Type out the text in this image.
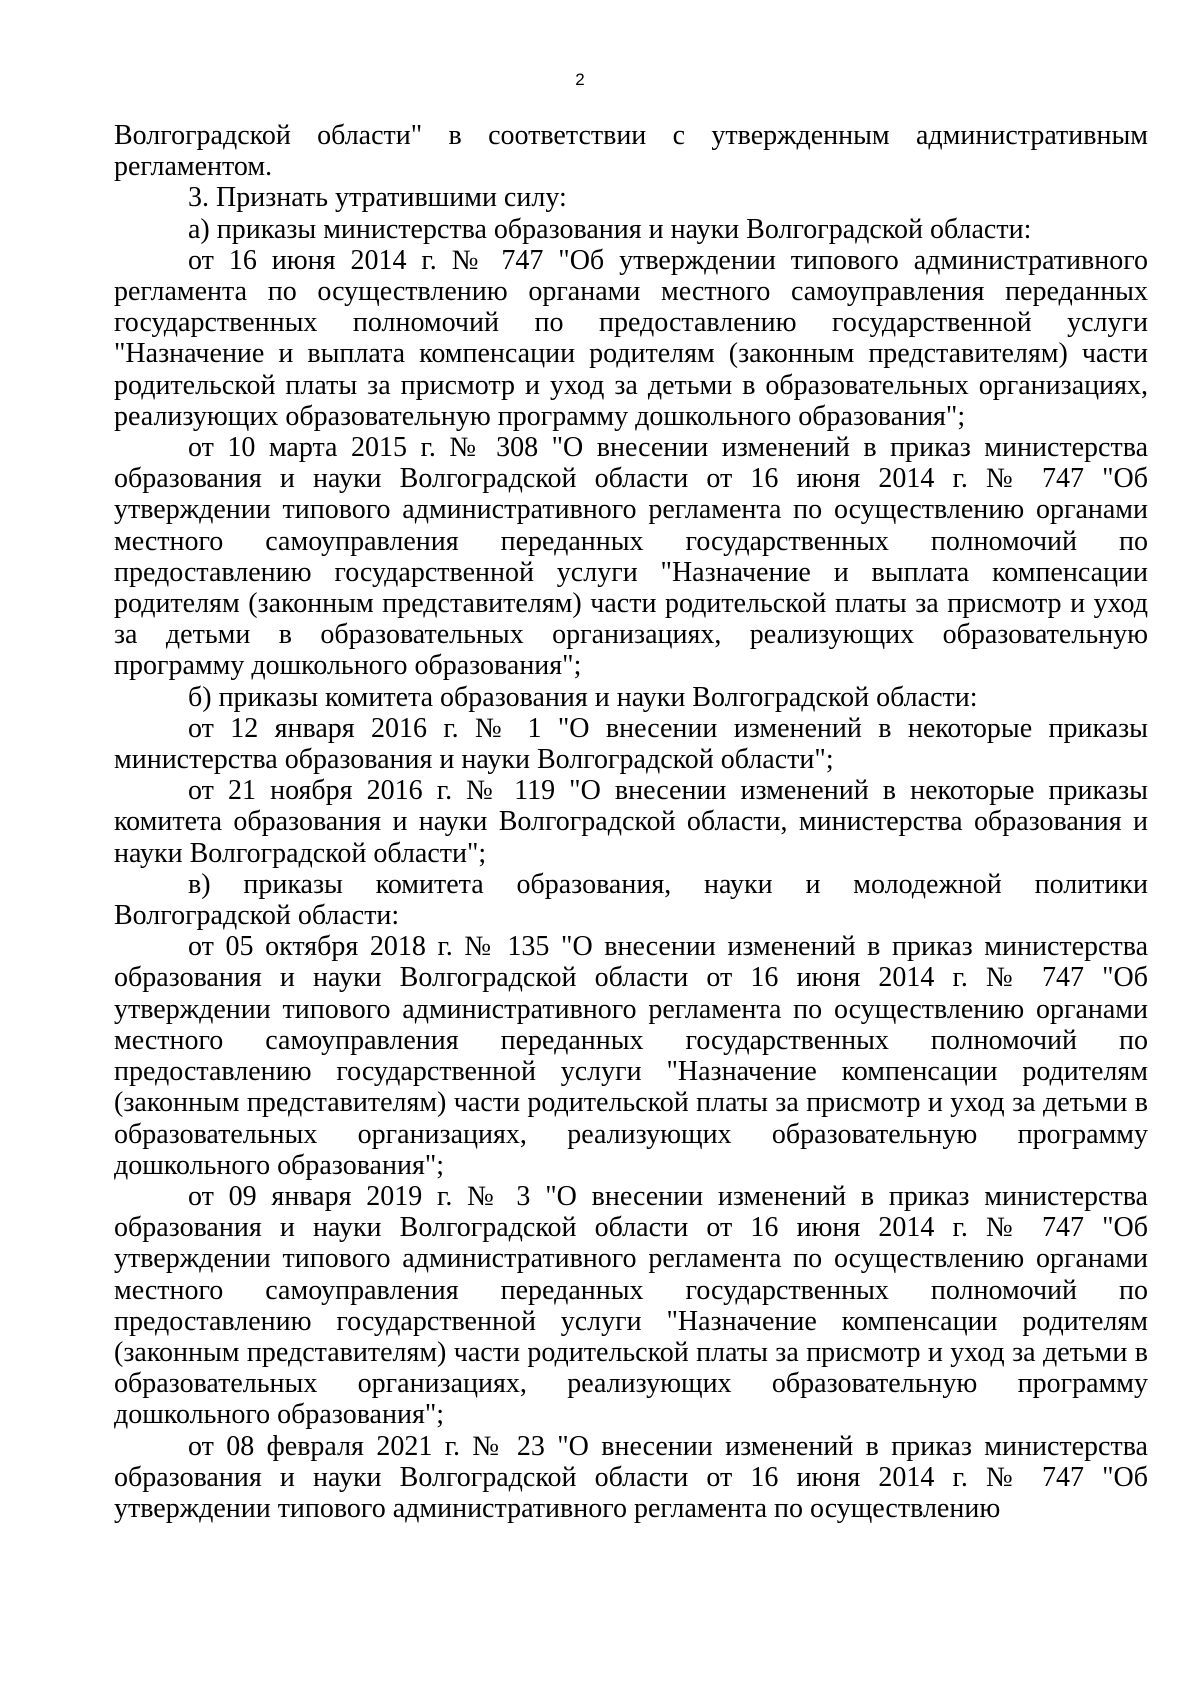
2

Волгоградской области" в соответствии с утвержденным административным регламентом.

3. Признать утратившими силу:

а) приказы министерства образования и науки Волгоградской области:

от 16 июня 2014 г. № 747 "Об утверждении типового административного регламента по осуществлению органами местного самоуправления переданных государственных полномочий по предоставлению государственной услуги "Назначение и выплата компенсации родителям (законным представителям) части родительской платы за присмотр и уход за детьми в образовательных организациях, реализующих образовательную программу дошкольного образования";

от 10 марта 2015 г. № 308 "О внесении изменений в приказ министерства образования и науки Волгоградской области от 16 июня 2014 г. № 747 "Об утверждении типового административного регламента по осуществлению органами местного самоуправления переданных государственных полномочий по предоставлению государственной услуги "Назначение и выплата компенсации родителям (законным представителям) части родительской платы за присмотр и уход за детьми в образовательных организациях, реализующих образовательную программу дошкольного образования";

б) приказы комитета образования и науки Волгоградской области:

от 12 января 2016 г. № 1 "О внесении изменений в некоторые приказы министерства образования и науки Волгоградской области";

от 21 ноября 2016 г. № 119 "О внесении изменений в некоторые приказы комитета образования и науки Волгоградской области, министерства образования и науки Волгоградской области";

в) приказы комитета образования, науки и молодежной политики Волгоградской области:

от 05 октября 2018 г. № 135 "О внесении изменений в приказ министерства образования и науки Волгоградской области от 16 июня 2014 г. № 747 "Об утверждении типового административного регламента по осуществлению органами местного самоуправления переданных государственных полномочий по предоставлению государственной услуги "Назначение компенсации родителям (законным представителям) части родительской платы за присмотр и уход за детьми в образовательных организациях, реализующих образовательную программу дошкольного образования";

от 09 января 2019 г. № 3 "О внесении изменений в приказ министерства образования и науки Волгоградской области от 16 июня 2014 г. № 747 "Об утверждении типового административного регламента по осуществлению органами местного самоуправления переданных государственных полномочий по предоставлению государственной услуги "Назначение компенсации родителям (законным представителям) части родительской платы за присмотр и уход за детьми в образовательных организациях, реализующих образовательную программу дошкольного образования";

от 08 февраля 2021 г. № 23 "О внесении изменений в приказ министерства образования и науки Волгоградской области от 16 июня 2014 г. № 747 "Об утверждении типового административного регламента по осуществлению
